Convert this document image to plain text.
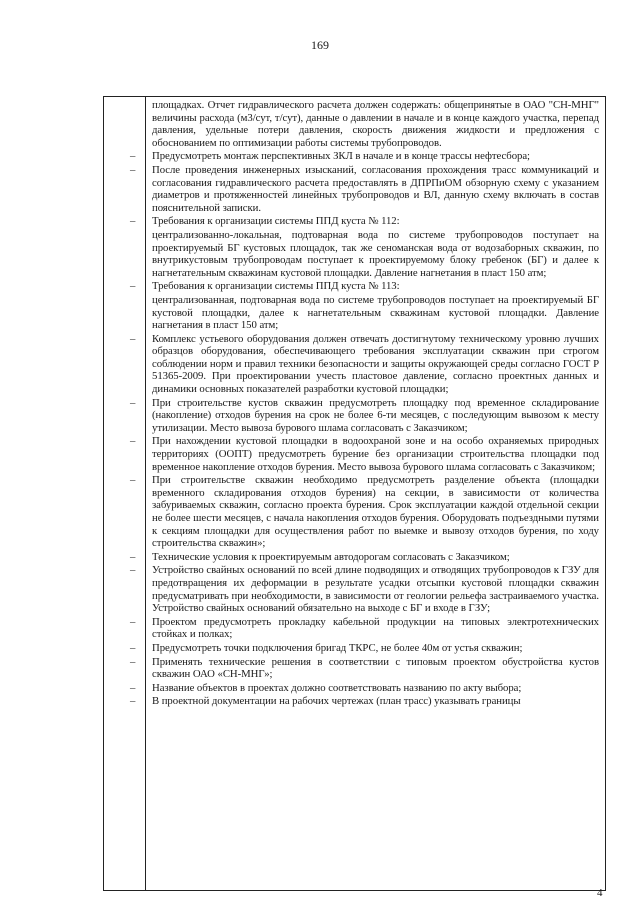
169

площадках. Отчет гидравлического расчета должен содержать: общепринятые в ОАО "СН-МНГ" величины расхода (м3/сут, т/сут), данные о давлении в начале и в конце каждого участка, перепад давления, удельные потери давления, скорость движения жидкости и предложения с обоснованием по оптимизации работы системы трубопроводов.

– Предусмотреть монтаж перспективных ЗКЛ в начале и в конце трассы нефтесбора;

– После проведения инженерных изысканий, согласования прохождения трасс коммуникаций и согласования гидравлического расчета предоставлять в ДПРПиОМ обзорную схему с указанием диаметров и протяженностей линейных трубопроводов и ВЛ, данную схему включать в состав пояснительной записки.

– Требования к организации системы ППД куста № 112:

централизованно-локальная, подтоварная вода по системе трубопроводов поступает на проектируемый БГ кустовых площадок, так же сеноманская вода от водозаборных скважин, по внутрикустовым трубопроводам поступает к проектируемому блоку гребенок (БГ) и далее к нагнетательным скважинам кустовой площадки. Давление нагнетания в пласт 150 атм;

– Требования к организации системы ППД куста № 113:

централизованная, подтоварная вода по системе трубопроводов поступает на проектируемый БГ кустовой площадки, далее к нагнетательным скважинам кустовой площадки. Давление нагнетания в пласт 150 атм;

– Комплекс устьевого оборудования должен отвечать достигнутому техническому уровню лучших образцов оборудования, обеспечивающего требования эксплуатации скважин при строгом соблюдении норм и правил техники безопасности и защиты окружающей среды согласно ГОСТ Р 51365-2009. При проектировании учесть пластовое давление, согласно проектных данных и динамики основных показателей разработки кустовой площадки;

– При строительстве кустов скважин предусмотреть площадку под временное складирование (накопление) отходов бурения на срок не более 6-ти месяцев, с последующим вывозом к месту утилизации. Место вывоза бурового шлама согласовать с Заказчиком;

– При нахождении кустовой площадки в водоохраной зоне и на особо охраняемых природных территориях (ООПТ) предусмотреть бурение без организации строительства площадки под временное накопление отходов бурения. Место вывоза бурового шлама согласовать с Заказчиком;

– При строительстве скважин необходимо предусмотреть разделение объекта (площадки временного складирования отходов бурения) на секции, в зависимости от количества забуриваемых скважин, согласно проекта бурения. Срок эксплуатации каждой отдельной секции не более шести месяцев, с начала накопления отходов бурения. Оборудовать подъездными путями к секциям площадки для осуществления работ по выемке и вывозу отходов бурения, по ходу строительства скважин»;

– Технические условия к проектируемым автодорогам согласовать с Заказчиком;

– Устройство свайных оснований по всей длине подводящих и отводящих трубопроводов к ГЗУ для предотвращения их деформации в результате усадки отсыпки кустовой площадки скважин предусматривать при необходимости, в зависимости от геологии рельефа застраиваемого участка. Устройство свайных оснований обязательно на выходе с БГ и входе в ГЗУ;

– Проектом предусмотреть прокладку кабельной продукции на типовых электротехнических стойках и полках;

– Предусмотреть точки подключения бригад ТКРС, не более 40м от устья скважин;

– Применять технические решения в соответствии с типовым проектом обустройства кустов скважин ОАО «СН-МНГ»;

– Название объектов в проектах должно соответствовать названию по акту выбора;

– В проектной документации на рабочих чертежах (план трасс) указывать границы

4
